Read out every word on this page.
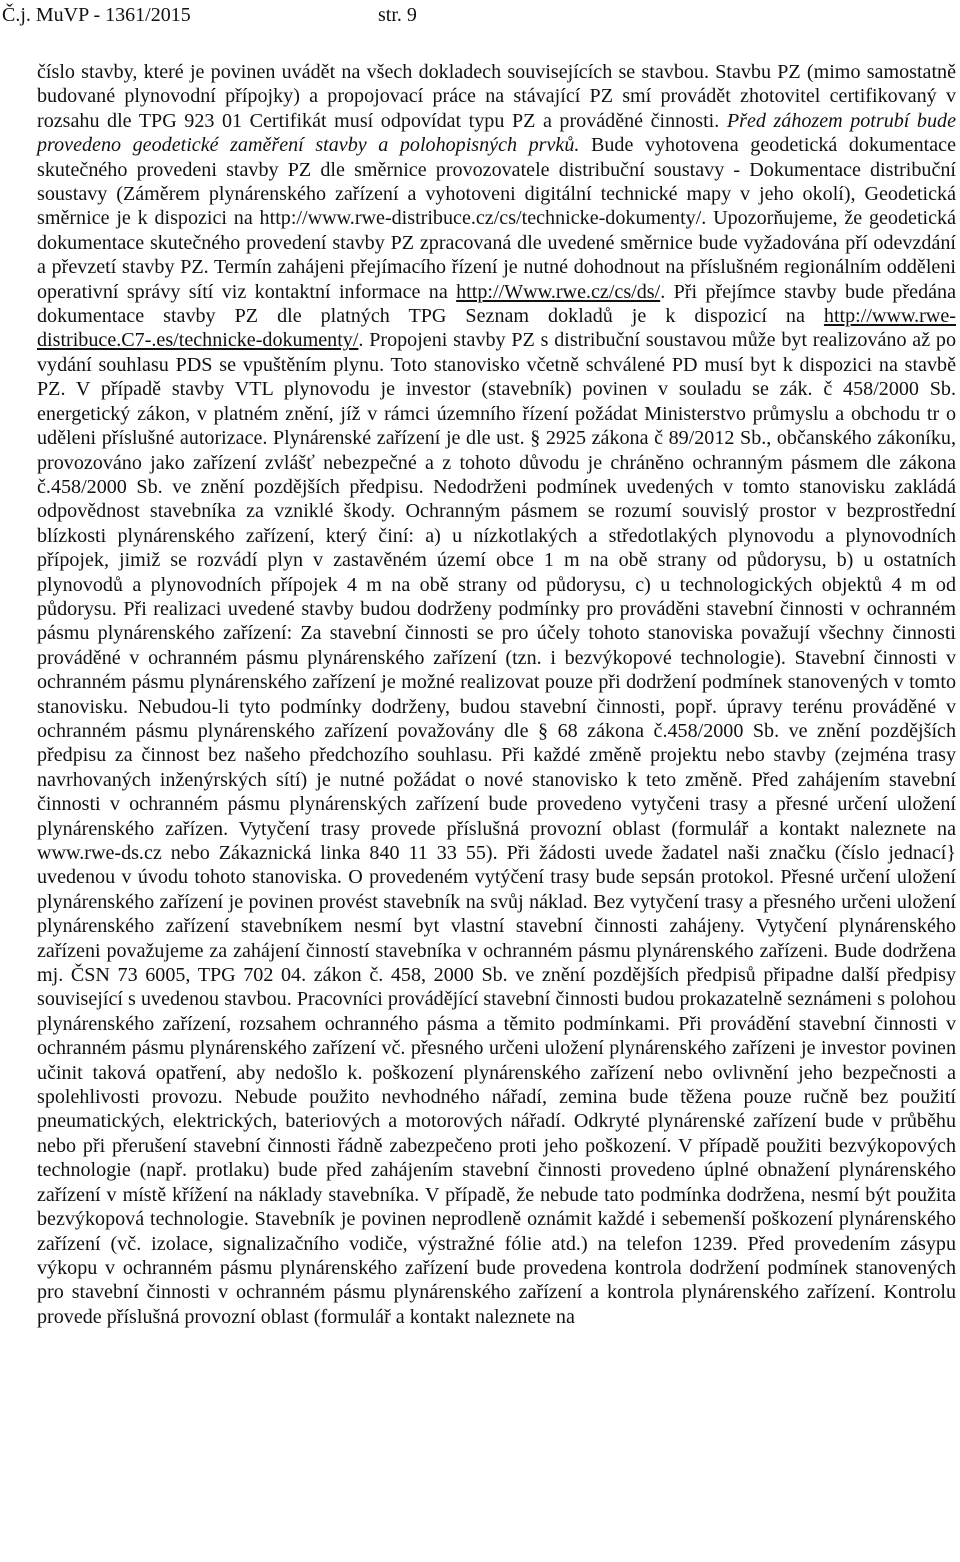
Č.j. MuVP - 1361/2015	str. 9

číslo stavby, které je povinen uvádět na všech dokladech souvisejících se stavbou. Stavbu PZ (mimo samostatně budované plynovodní přípojky) a propojovací práce na stávající PZ smí provádět zhotovitel certifikovaný v rozsahu dle TPG 923 01 Certifikát musí odpovídat typu PZ a prováděné činnosti. Před záhozem potrubí bude provedeno geodetické zaměření stavby a polohopisných prvků. Bude vyhotovena geodetická dokumentace skutečného provedeni stavby PZ dle směrnice provozovatele distribuční soustavy - Dokumentace distribuční soustavy (Záměrem plynárenského zařízení a vyhotoveni digitální technické mapy v jeho okolí), Geodetická směrnice je k dispozici na http://www.rwe-distribuce.cz/cs/technicke-dokumenty/. Upozorňujeme, že geodetická dokumentace skutečného provedení stavby PZ zpracovaná dle uvedené směrnice bude vyžadována pří odevzdání a převzetí stavby PZ. Termín zahájeni přejímacího řízení je nutné dohodnout na příslušném regionálním odděleni operativní správy sítí viz kontaktní informace na http://Www.rwe.cz/cs/ds/. Při přejímce stavby bude předána dokumentace stavby PZ dle platných TPG Seznam dokladů je k dispozicí na http://www.rwe-distribuce.C7-.es/technicke-dokumenty/. Propojeni stavby PZ s distribuční soustavou může byt realizováno až po vydání souhlasu PDS se vpuštěním plynu. Toto stanovisko včetně schválené PD musí byt k dispozici na stavbě PZ. V případě stavby VTL plynovodu je investor (stavebník) povinen v souladu se zák. č 458/2000 Sb. energetický zákon, v platném znění, jíž v rámci územního řízení požádat Ministerstvo průmyslu a obchodu tr o uděleni příslušné autorizace. Plynárenské zařízení je dle ust. § 2925 zákona č 89/2012 Sb., občanského zákoníku, provozováno jako zařízení zvlášť nebezpečné a z tohoto důvodu je chráněno ochranným pásmem dle zákona č.458/2000 Sb. ve znění pozdějších předpisu. Nedodrženi podmínek uvedených v tomto stanovisku zakládá odpovědnost stavebníka za vzniklé škody. Ochranným pásmem se rozumí souvislý prostor v bezprostřední blízkosti plynárenského zařízení, který činí: a) u nízkotlakých a středotlakých plynovodu a plynovodních přípojek, jimiž se rozvádí plyn v zastavěném území obce 1 m na obě strany od půdorysu, b) u ostatních plynovodů a plynovodních přípojek 4 m na obě strany od půdorysu, c) u technologických objektů 4 m od půdorysu. Při realizaci uvedené stavby budou dodrženy podmínky pro prováděni stavební činnosti v ochranném pásmu plynárenského zařízení: Za stavební činnosti se pro účely tohoto stanoviska považují všechny činnosti prováděné v ochranném pásmu plynárenského zařízení (tzn. i bezvýkopové technologie). Stavební činnosti v ochranném pásmu plynárenského zařízení je možné realizovat pouze při dodržení podmínek stanovených v tomto stanovisku. Nebudou-li tyto podmínky dodrženy, budou stavební činnosti, popř. úpravy terénu prováděné v ochranném pásmu plynárenského zařízení považovány dle § 68 zákona č.458/2000 Sb. ve znění pozdějších předpisu za činnost bez našeho předchozího souhlasu. Při každé změně projektu nebo stavby (zejména trasy navrhovaných inženýrských sítí) je nutné požádat o nové stanovisko k teto změně. Před zahájením stavební činnosti v ochranném pásmu plynárenských zařízení bude provedeno vytyčeni trasy a přesné určení uložení plynárenského zařízen. Vytyčení trasy provede příslušná provozní oblast (formulář a kontakt naleznete na www.rwe-ds.cz nebo Zákaznická linka 840 11 33 55). Při žádosti uvede žadatel naši značku (číslo jednací} uvedenou v úvodu tohoto stanoviska. O provedeném vytýčení trasy bude sepsán protokol. Přesné určení uložení plynárenského zařízení je povinen provést stavebník na svůj náklad. Bez vytyčení trasy a přesného určeni uložení plynárenského zařízení stavebníkem nesmí byt vlastní stavební činnosti zahájeny. Vytyčení plynárenského zařízeni považujeme za zahájení činností stavebníka v ochranném pásmu plynárenského zařízeni. Bude dodržena mj. ČSN 73 6005, TPG 702 04. zákon č. 458, 2000 Sb. ve znění pozdějších předpisů připadne další předpisy související s uvedenou stavbou. Pracovníci provádějící stavební činnosti budou prokazatelně seznámeni s polohou plynárenského zařízení, rozsahem ochranného pásma a těmito podmínkami. Při provádění stavební činnosti v ochranném pásmu plynárenského zařízení vč. přesného určeni uložení plynárenského zařízeni je investor povinen učinit taková opatření, aby nedošlo k. poškození plynárenského zařízení nebo ovlivnění jeho bezpečnosti a spolehlivosti provozu. Nebude použito nevhodného nářadí, zemina bude těžena pouze ručně bez použití pneumatických, elektrických, bateriových a motorových nářadí. Odkryté plynárenské zařízení bude v průběhu nebo při přerušení stavební činnosti řádně zabezpečeno proti jeho poškození. V případě použiti bezvýkopových technologie (např. protlaku) bude před zahájením stavební činnosti provedeno úplné obnažení plynárenského zařízení v místě křížení na náklady stavebníka. V případě, že nebude tato podmínka dodržena, nesmí být použita bezvýkopová technologie. Stavebník je povinen neprodleně oznámit každé i sebemenší poškození plynárenského zařízení (vč. izolace, signalizačního vodiče, výstražné fólie atd.) na telefon 1239. Před provedením zásypu výkopu v ochranném pásmu plynárenského zařízení bude provedena kontrola dodržení podmínek stanovených pro stavební činnosti v ochranném pásmu plynárenského zařízení a kontrola plynárenského zařízení. Kontrolu provede příslušná provozní oblast (formulář a kontakt naleznete na
